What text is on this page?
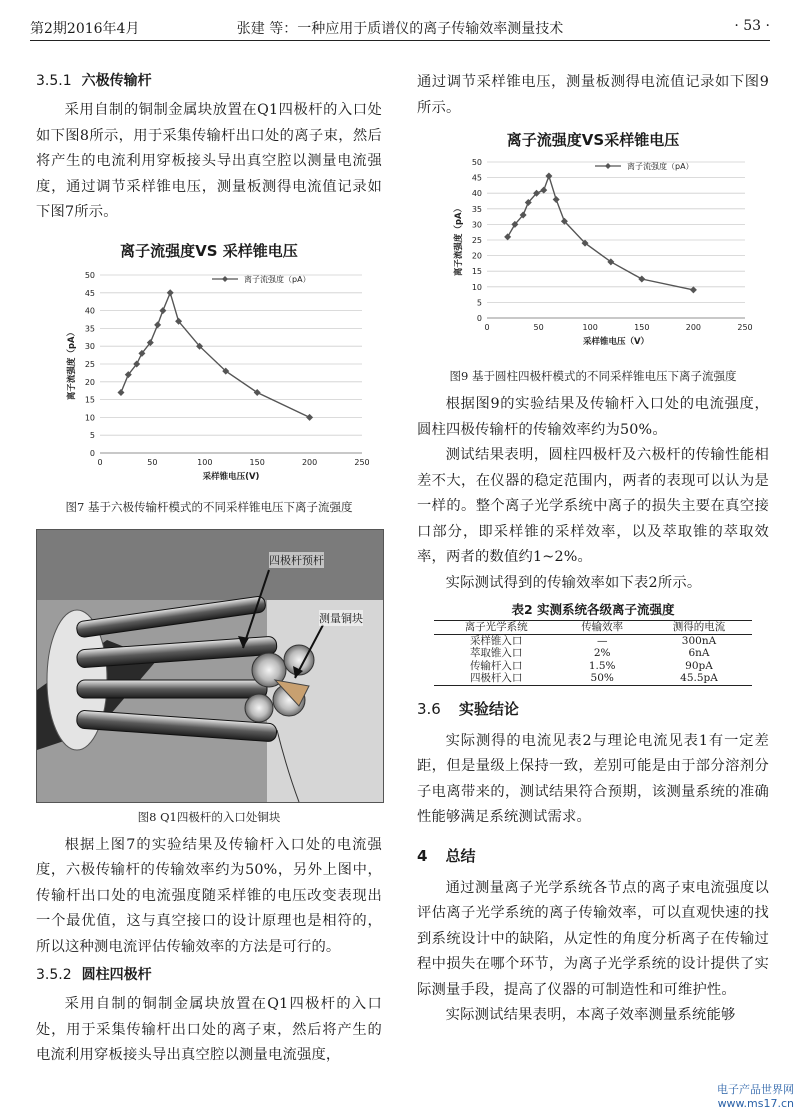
第2期2016年4月	张建 等：一种应用于质谱仪的离子传输效率测量技术	· 53 ·
3.5.1 六极传输杆

采用自制的铜制金属块放置在Q1四极杆的入口处如下图8所示，用于采集传输杆出口处的离子束，然后将产生的电流利用穿板接头导出真空腔以测量电流强度，通过调节采样锥电压，测量板测得电流值记录如下图7所示。

离子流强度VS 采样锥电压
0
5
10
15
20
25
30
35
40
45
50
0	50	100	150	200	250
采样锥电压(V)
离子流强度（pA）
离子流强度（pA）
图7 基于六极传输杆模式的不同采样锥电压下离子流强度
四极杆预杆
测量铜块
图8 Q1四极杆的入口处铜块

根据上图7的实验结果及传输杆入口处的电流强度，六极传输杆的传输效率约为50%，另外上图中，传输杆出口处的电流强度随采样锥的电压改变表现出一个最优值，这与真空接口的设计原理也是相符的，所以这种测电流评估传输效率的方法是可行的。

3.5.2 圆柱四极杆

采用自制的铜制金属块放置在Q1四极杆的入口处，用于采集传输杆出口处的离子束，然后将产生的电流利用穿板接头导出真空腔以测量电流强度，

通过调节采样锥电压，测量板测得电流值记录如下图9所示。

离子流强度VS采样锥电压
0
5
10
15
20
25
30
35
40
45
50
0	50	100	150	200	250
采样锥电压（V）
离子流强度（pA）
离子流强度（pA）
图9 基于圆柱四极杆模式的不同采样锥电压下离子流强度

根据图9的实验结果及传输杆入口处的电流强度，圆柱四极传输杆的传输效率约为50%。

测试结果表明，圆柱四极杆及六极杆的传输性能相差不大，在仪器的稳定范围内，两者的表现可以认为是一样的。整个离子光学系统中离子的损失主要在真空接口部分，即采样锥的采样效率，以及萃取锥的萃取效率，两者的数值约1~2%。

实际测试得到的传输效率如下表2所示。

表2 实测系统各级离子流强度
离子光学系统	传输效率	测得的电流
采样锥入口	—	300nA
萃取锥入口	2%	6nA
传输杆入口	1.5%	90pA
四极杆入口	50%	45.5pA
3.6 实验结论

实际测得的电流见表2与理论电流见表1有一定差距，但是量级上保持一致，差别可能是由于部分溶剂分子电离带来的，测试结果符合预期，该测量系统的准确性能够满足系统测试需求。

4 总结

通过测量离子光学系统各节点的离子束电流强度以评估离子光学系统的离子传输效率，可以直观快速的找到系统设计中的缺陷，从定性的角度分析离子在传输过程中损失在哪个环节，为离子光学系统的设计提供了实际测量手段，提高了仪器的可制造性和可维护性。

实际测试结果表明，本离子效率测量系统能够

电子产品世界网
www.ms17.cn
